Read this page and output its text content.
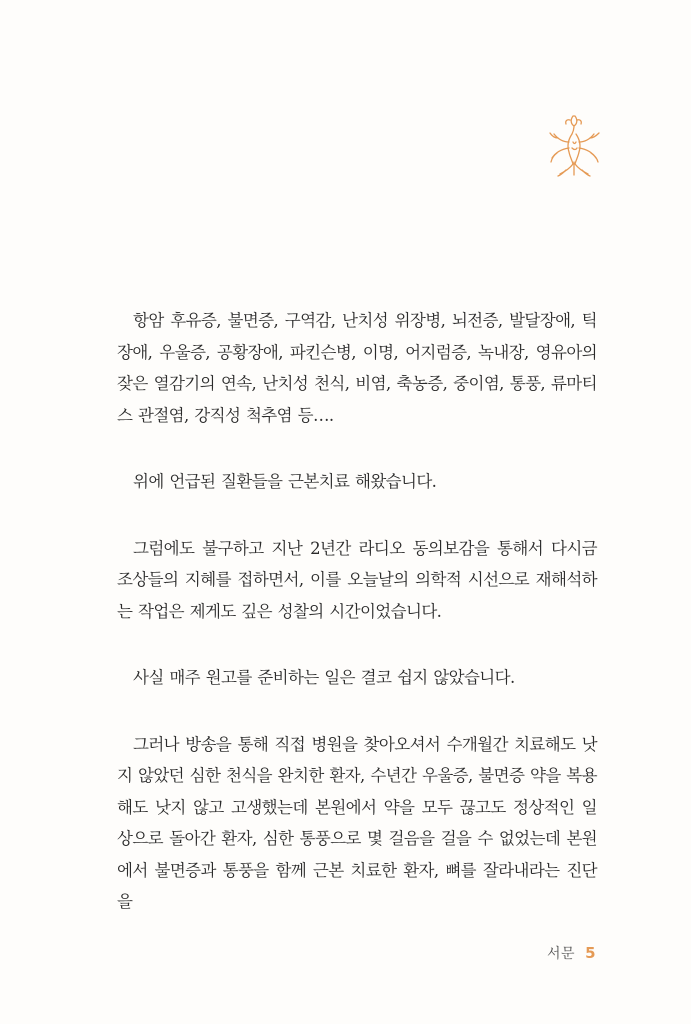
항암 후유증, 불면증, 구역감, 난치성 위장병, 뇌전증, 발달장애, 틱장애, 우울증, 공황장애, 파킨슨병, 이명, 어지럼증, 녹내장, 영유아의 잦은 열감기의 연속, 난치성 천식, 비염, 축농증, 중이염, 통풍, 류마티스 관절염, 강직성 척추염 등….

위에 언급된 질환들을 근본치료 해왔습니다.

그럼에도 불구하고 지난 2년간 라디오 동의보감을 통해서 다시금 조상들의 지혜를 접하면서, 이를 오늘날의 의학적 시선으로 재해석하는 작업은 제게도 깊은 성찰의 시간이었습니다.

사실 매주 원고를 준비하는 일은 결코 쉽지 않았습니다.

그러나 방송을 통해 직접 병원을 찾아오셔서 수개월간 치료해도 낫지 않았던 심한 천식을 완치한 환자, 수년간 우울증, 불면증 약을 복용해도 낫지 않고 고생했는데 본원에서 약을 모두 끊고도 정상적인 일상으로 돌아간 환자, 심한 통풍으로 몇 걸음을 걸을 수 없었는데 본원에서 불면증과 통풍을 함께 근본 치료한 환자, 뼈를 잘라내라는 진단을

서문 5
